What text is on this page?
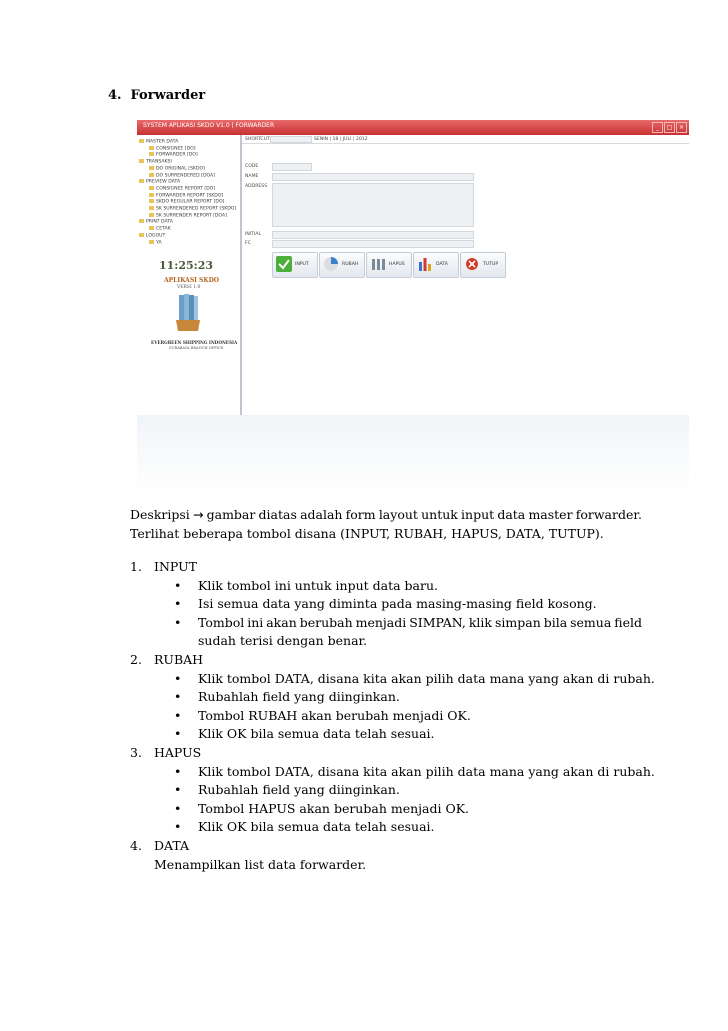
4. Forwarder
SYSTEM APLIKASI SKDO V1.0 | FORWARDER	_	□	×
MASTER DATA
CONSIGNEE [DO]
FORWARDER [DO]
TRANSAKSI
DO ORIGINAL [SKDO]
DO SURRENDERED [DOA]
PREVIEW DATA
CONSIGNEE REPORT [DO]
FORWARDER REPORT [SKDO]
SKDO REGULAR REPORT [DO]
SK SURRENDERED REPORT [SKDO]
SK SURRENDER REPORT [DOA]
PRINT DATA
CETAK
LOGOUT
YA
11:25:23
APLIKASI SKDO
VERSI 1.0
EVERGREEN SHIPPING INDONESIA
SURABAYA BRANCH OFFICE
SHORTCUT	SENIN | 18 | JULI | 2012
CODE
NAME
ADDRESS
INITIAL
FC
INPUT	RUBAH	HAPUS	DATA	TUTUP
Deskripsi → gambar diatas adalah form layout untuk input data master forwarder.
Terlihat beberapa tombol disana (INPUT, RUBAH, HAPUS, DATA, TUTUP).
1. INPUT
• Klik tombol ini untuk input data baru.
• Isi semua data yang diminta pada masing-masing field kosong.
• Tombol ini akan berubah menjadi SIMPAN, klik simpan bila semua field
sudah terisi dengan benar.
2. RUBAH
• Klik tombol DATA, disana kita akan pilih data mana yang akan di rubah.
• Rubahlah field yang diinginkan.
• Tombol RUBAH akan berubah menjadi OK.
• Klik OK bila semua data telah sesuai.
3. HAPUS
• Klik tombol DATA, disana kita akan pilih data mana yang akan di rubah.
• Rubahlah field yang diinginkan.
• Tombol HAPUS akan berubah menjadi OK.
• Klik OK bila semua data telah sesuai.
4. DATA
Menampilkan list data forwarder.
